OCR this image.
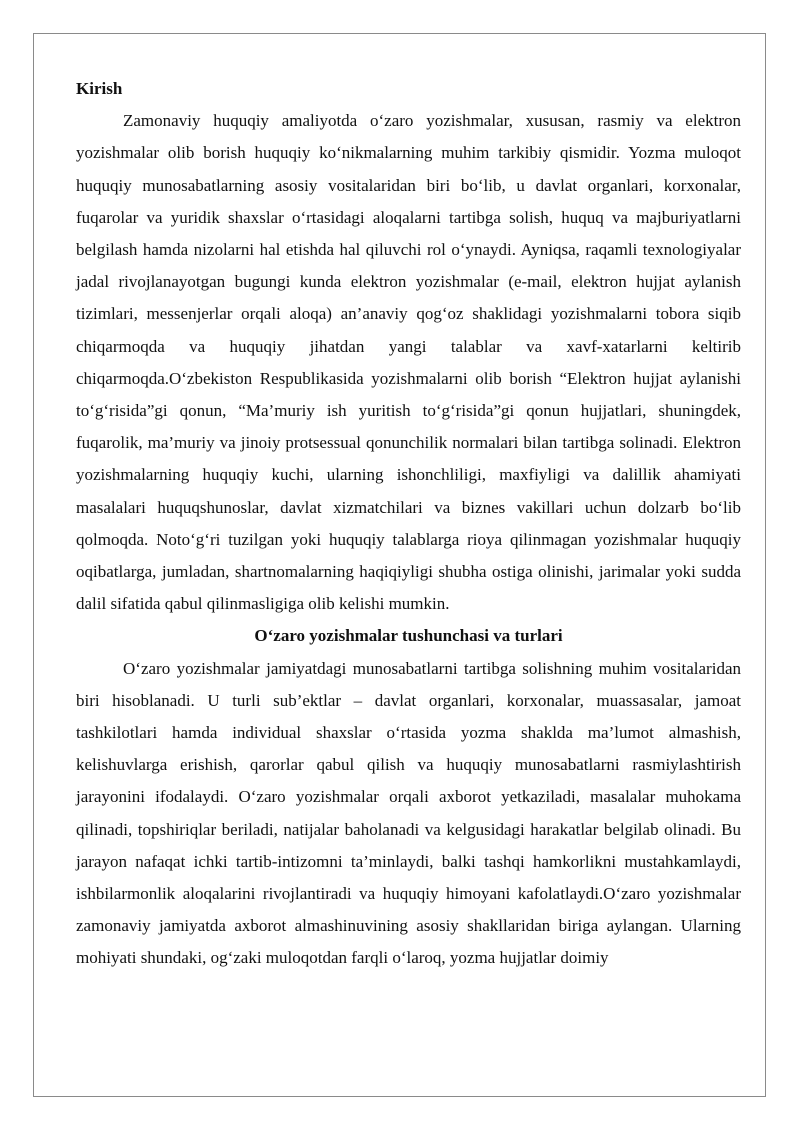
Kirish

Zamonaviy huquqiy amaliyotda o‘zaro yozishmalar, xususan, rasmiy va elektron yozishmalar olib borish huquqiy ko‘nikmalarning muhim tarkibiy qismidir. Yozma muloqot huquqiy munosabatlarning asosiy vositalaridan biri bo‘lib, u davlat organlari, korxonalar, fuqarolar va yuridik shaxslar o‘rtasidagi aloqalarni tartibga solish, huquq va majburiyatlarni belgilash hamda nizolarni hal etishda hal qiluvchi rol o‘ynaydi. Ayniqsa, raqamli texnologiyalar jadal rivojlanayotgan bugungi kunda elektron yozishmalar (e-mail, elektron hujjat aylanish tizimlari, messenjerlar orqali aloqa) an’anaviy qog‘oz shaklidagi yozishmalarni tobora siqib chiqarmoqda va huquqiy jihatdan yangi talablar va xavf-xatarlarni keltirib chiqarmoqda.O‘zbekiston Respublikasida yozishmalarni olib borish “Elektron hujjat aylanishi to‘g‘risida”gi qonun, “Ma’muriy ish yuritish to‘g‘risida”gi qonun hujjatlari, shuningdek, fuqarolik, ma’muriy va jinoiy protsessual qonunchilik normalari bilan tartibga solinadi. Elektron yozishmalarning huquqiy kuchi, ularning ishonchliligi, maxfiyligi va dalillik ahamiyati masalalari huquqshunoslar, davlat xizmatchilari va biznes vakillari uchun dolzarb bo‘lib qolmoqda. Noto‘g‘ri tuzilgan yoki huquqiy talablarga rioya qilinmagan yozishmalar huquqiy oqibatlarga, jumladan, shartnomalarning haqiqiyligi shubha ostiga olinishi, jarimalar yoki sudda dalil sifatida qabul qilinmasligiga olib kelishi mumkin.

O‘zaro yozishmalar tushunchasi va turlari

O‘zaro yozishmalar jamiyatdagi munosabatlarni tartibga solishning muhim vositalaridan biri hisoblanadi. U turli sub’ektlar – davlat organlari, korxonalar, muassasalar, jamoat tashkilotlari hamda individual shaxslar o‘rtasida yozma shaklda ma’lumot almashish, kelishuvlarga erishish, qarorlar qabul qilish va huquqiy munosabatlarni rasmiylashtirish jarayonini ifodalaydi. O‘zaro yozishmalar orqali axborot yetkaziladi, masalalar muhokama qilinadi, topshiriqlar beriladi, natijalar baholanadi va kelgusidagi harakatlar belgilab olinadi. Bu jarayon nafaqat ichki tartib-intizomni ta’minlaydi, balki tashqi hamkorlikni mustahkamlaydi, ishbilarmonlik aloqalarini rivojlantiradi va huquqiy himoyani kafolatlaydi.O‘zaro yozishmalar zamonaviy jamiyatda axborot almashinuvining asosiy shakllaridan biriga aylangan. Ularning mohiyati shundaki, og‘zaki muloqotdan farqli o‘laroq, yozma hujjatlar doimiy
